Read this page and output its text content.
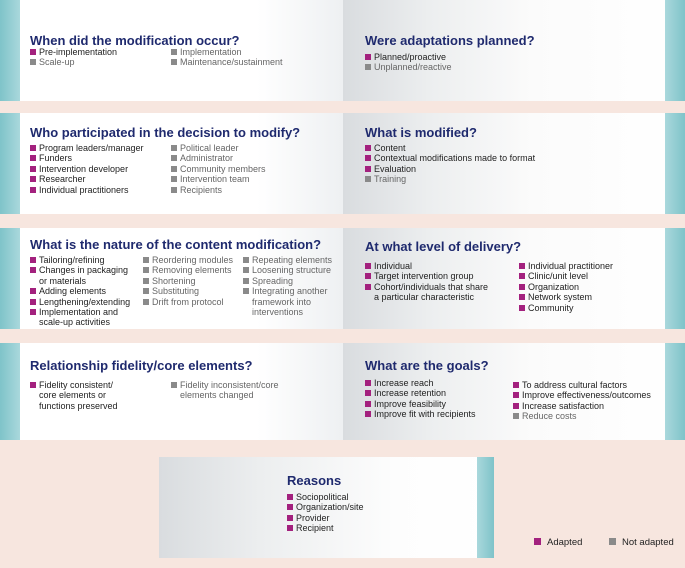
When did the modification occur?
Pre-implementation
Scale-up
Implementation
Maintenance/sustainment
Were adaptations planned?
Planned/proactive
Unplanned/reactive
Who participated in the decision to modify?
Program leaders/manager
Funders
Intervention developer
Researcher
Individual practitioners
Political leader
Administrator
Community members
Intervention team
Recipients
What is modified?
Content
Contextual modifications made to format
Evaluation
Training
What is the nature of the content modification?
Tailoring/refining
Changes in packaging
or materials
Adding elements
Lengthening/extending
Implementation and
scale-up activities
Reordering modules
Removing elements
Shortening
Substituting
Drift from protocol
Repeating elements
Loosening structure
Spreading
Integrating another
framework into
interventions
At what level of delivery?
Individual
Target intervention group
Cohort/individuals that share
a particular characteristic
Individual practitioner
Clinic/unit level
Organization
Network system
Community
Relationship fidelity/core elements?
Fidelity consistent/
core elements or
functions preserved
Fidelity inconsistent/core
elements changed
What are the goals?
Increase reach
Increase retention
Improve feasibility
Improve fit with recipients
To address cultural factors
Improve effectiveness/outcomes
Increase satisfaction
Reduce costs
Reasons
Sociopolitical
Organization/site
Provider
Recipient
Adapted	Not adapted
